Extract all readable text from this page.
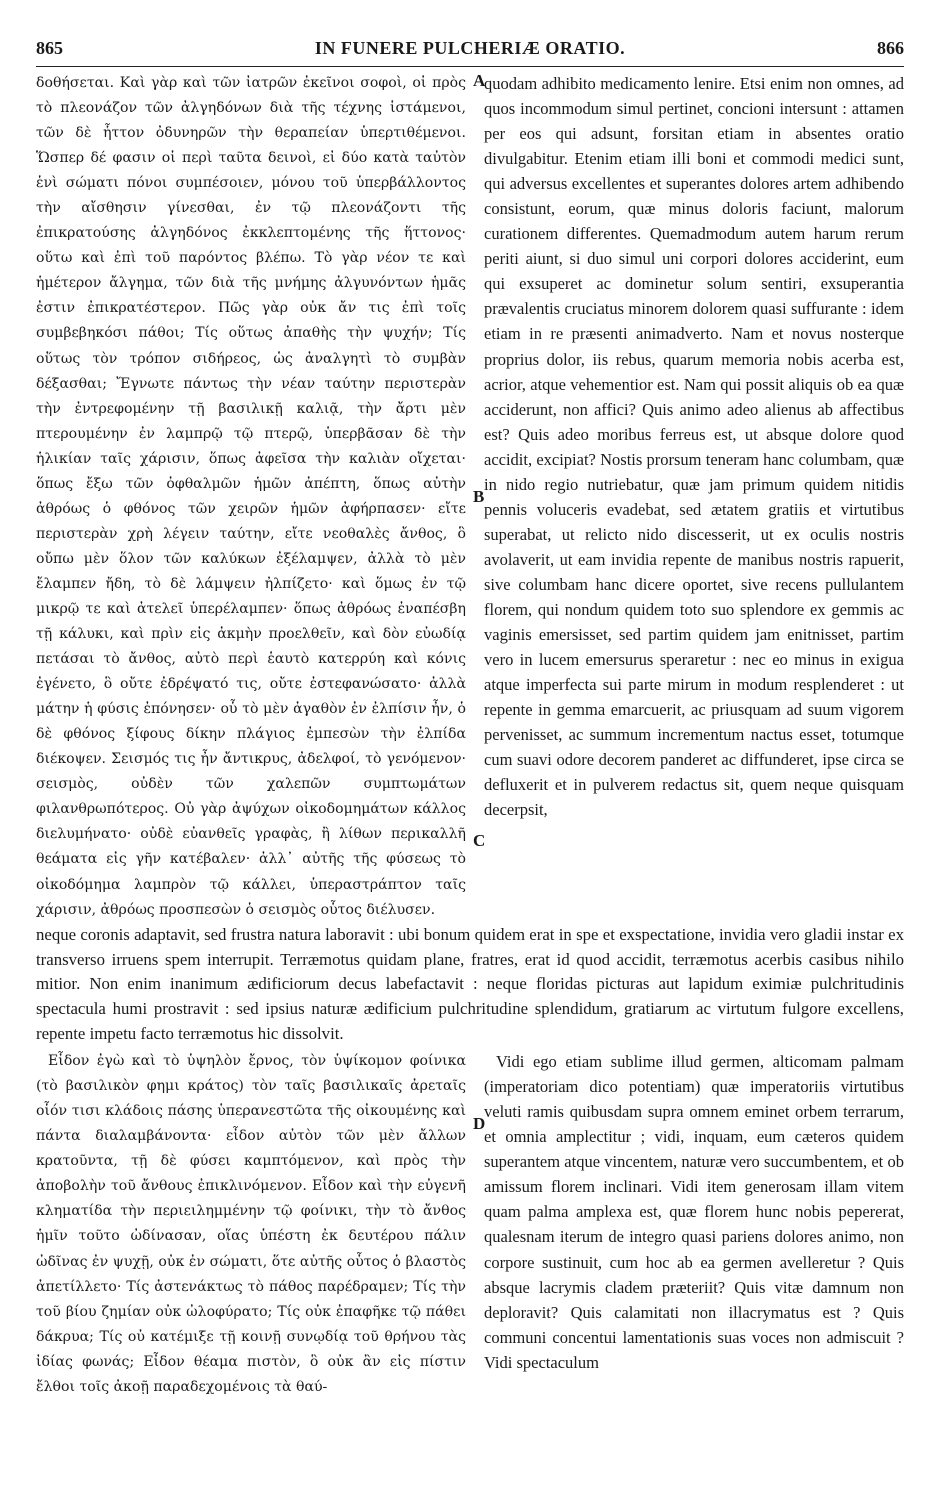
865	IN FUNERE PULCHERIÆ ORATIO.	866
A
B
C
D

δοθήσεται. Καὶ γὰρ καὶ τῶν ἰατρῶν ἐκεῖνοι σοφοὶ, οἱ πρὸς τὸ πλεονάζον τῶν ἀλγηδόνων διὰ τῆς τέχνης ἱστάμενοι, τῶν δὲ ἧττον ὀδυνηρῶν τὴν θεραπείαν ὑπερτιθέμενοι. Ὥσπερ δέ φασιν οἱ περὶ ταῦτα δεινοὶ, εἰ δύο κατὰ ταὐτὸν ἑνὶ σώματι πόνοι συμπέσοιεν, μόνου τοῦ ὑπερβάλλοντος τὴν αἴσθησιν γίνεσθαι, ἐν τῷ πλεονάζοντι τῆς ἐπικρατούσης ἀλγηδόνος ἐκκλεπτομένης τῆς ἥττονος· οὕτω καὶ ἐπὶ τοῦ παρόντος βλέπω. Τὸ γὰρ νέον τε καὶ ἡμέτερον ἄλγημα, τῶν διὰ τῆς μνήμης ἀλγυνόντων ἡμᾶς ἐστιν ἐπικρατέστερον. Πῶς γὰρ οὐκ ἄν τις ἐπὶ τοῖς συμβεβηκόσι πάθοι; Τίς οὕτως ἀπαθὴς τὴν ψυχήν; Τίς οὕτως τὸν τρόπον σιδήρεος, ὡς ἀναλγητὶ τὸ συμβὰν δέξασθαι; Ἔγνωτε πάντως τὴν νέαν ταύτην περιστερὰν τὴν ἐντρεφομένην τῇ βασιλικῇ καλιᾷ, τὴν ἄρτι μὲν πτερουμένην ἐν λαμπρῷ τῷ πτερῷ, ὑπερβᾶσαν δὲ τὴν ἡλικίαν ταῖς χάρισιν, ὅπως ἀφεῖσα τὴν καλιὰν οἴχεται· ὅπως ἔξω τῶν ὀφθαλμῶν ἡμῶν ἀπέπτη, ὅπως αὐτὴν ἀθρόως ὁ φθόνος τῶν χειρῶν ἡμῶν ἀφήρπασεν· εἴτε περιστερὰν χρὴ λέγειν ταύτην, εἴτε νεοθαλὲς ἄνθος, ὃ οὔπω μὲν ὅλον τῶν καλύκων ἐξέλαμψεν, ἀλλὰ τὸ μὲν ἔλαμπεν ἤδη, τὸ δὲ λάμψειν ἠλπίζετο· καὶ ὅμως ἐν τῷ μικρῷ τε καὶ ἀτελεῖ ὑπερέλαμπεν· ὅπως ἀθρόως ἐναπέσβη τῇ κάλυκι, καὶ πρὶν εἰς ἀκμὴν προελθεῖν, καὶ δὸν εὐωδίᾳ πετάσαι τὸ ἄνθος, αὐτὸ περὶ ἑαυτὸ κατερρύη καὶ κόνις ἐγένετο, ὃ οὔτε ἐδρέψατό τις, οὔτε ἐστεφανώσατο· ἀλλὰ μάτην ἡ φύσις ἐπόνησεν· οὗ τὸ μὲν ἀγαθὸν ἐν ἐλπίσιν ἦν, ὁ δὲ φθόνος ξίφους δίκην πλάγιος ἐμπεσὼν τὴν ἐλπίδα διέκοψεν. Σεισμός τις ἦν ἄντικρυς, ἀδελφοί, τὸ γενόμενον· σεισμὸς, οὐδὲν τῶν χαλεπῶν συμπτωμάτων φιλανθρωπότερος. Οὐ γὰρ ἀψύχων οἰκοδομημάτων κάλλος διελυμήνατο· οὐδὲ εὐανθεῖς γραφὰς, ἢ λίθων περικαλλῆ θεάματα εἰς γῆν κατέβαλεν· ἀλλ᾽ αὐτῆς τῆς φύσεως τὸ οἰκοδόμημα λαμπρὸν τῷ κάλλει, ὑπεραστράπτον ταῖς χάρισιν, ἀθρόως προσπεσὼν ὁ σεισμὸς οὗτος διέλυσεν.

quodam adhibito medicamento lenire. Etsi enim non omnes, ad quos incommodum simul pertinet, concioni intersunt : attamen per eos qui adsunt, forsitan etiam in absentes oratio divulgabitur. Etenim etiam illi boni et commodi medici sunt, qui adversus excellentes et superantes dolores artem adhibendo consistunt, eorum, quæ minus doloris faciunt, malorum curationem differentes. Quemadmodum autem harum rerum periti aiunt, si duo simul uni corpori dolores acciderint, eum qui exsuperet ac dominetur solum sentiri, exsuperantia prævalentis cruciatus minorem dolorem quasi suffurante : idem etiam in re præsenti animadverto. Nam et novus nosterque proprius dolor, iis rebus, quarum memoria nobis acerba est, acrior, atque vehementior est. Nam qui possit aliquis ob ea quæ acciderunt, non affici? Quis animo adeo alienus ab affectibus est? Quis adeo moribus ferreus est, ut absque dolore quod accidit, excipiat? Nostis prorsum teneram hanc columbam, quæ in nido regio nutriebatur, quæ jam primum quidem nitidis pennis voluceris evadebat, sed ætatem gratiis et virtutibus superabat, ut relicto nido discesserit, ut ex oculis nostris avolaverit, ut eam invidia repente de manibus nostris rapuerit, sive columbam hanc dicere oportet, sive recens pullulantem florem, qui nondum quidem toto suo splendore ex gemmis ac vaginis emersisset, sed partim quidem jam enitnisset, partim vero in lucem emersurus speraretur : nec eo minus in exigua atque imperfecta sui parte mirum in modum resplenderet : ut repente in gemma emarcuerit, ac priusquam ad suum vigorem pervenisset, ac summum incrementum nactus esset, totumque cum suavi odore decorem panderet ac diffunderet, ipse circa se defluxerit et in pulverem redactus sit, quem neque quisquam decerpsit,

neque coronis adaptavit, sed frustra natura laboravit : ubi bonum quidem erat in spe et exspectatione, invidia vero gladii instar ex transverso irruens spem interrupit. Terræmotus quidam plane, fratres, erat id quod accidit, terræmotus acerbis casibus nihilo mitior. Non enim inanimum ædificiorum decus labefactavit : neque floridas picturas aut lapidum eximiæ pulchritudinis spectacula humi prostravit : sed ipsius naturæ ædificium pulchritudine splendidum, gratiarum ac virtutum fulgore excellens, repente impetu facto terræmotus hic dissolvit.

Εἶδον ἐγὼ καὶ τὸ ὑψηλὸν ἔρνος, τὸν ὑψίκομον φοίνικα (τὸ βασιλικὸν φημι κράτος) τὸν ταῖς βασιλικαῖς ἀρεταῖς οἷόν τισι κλάδοις πάσης ὑπερανεστῶτα τῆς οἰκουμένης καὶ πάντα διαλαμβάνοντα· εἶδον αὐτὸν τῶν μὲν ἄλλων κρατοῦντα, τῇ δὲ φύσει καμπτόμενον, καὶ πρὸς τὴν ἀποβολὴν τοῦ ἄνθους ἐπικλινόμενον. Εἶδον καὶ τὴν εὐγενῆ κληματίδα τὴν περιειλημμένην τῷ φοίνικι, τὴν τὸ ἄνθος ἡμῖν τοῦτο ὠδίνασαν, οἵας ὑπέστη ἐκ δευτέρου πάλιν ὠδῖνας ἐν ψυχῇ, οὐκ ἐν σώματι, ὅτε αὐτῆς οὗτος ὁ βλαστὸς ἀπετίλλετο· Τίς ἀστενάκτως τὸ πάθος παρέδραμεν; Τίς τὴν τοῦ βίου ζημίαν οὐκ ὠλοφύρατο; Τίς οὐκ ἐπαφῆκε τῷ πάθει δάκρυα; Τίς οὐ κατέμιξε τῇ κοινῇ συνῳδίᾳ τοῦ θρήνου τὰς ἰδίας φωνάς; Εἶδον θέαμα πιστὸν, ὃ οὐκ ἂν εἰς πίστιν ἔλθοι τοῖς ἀκοῇ παραδεχομένοις τὰ θαύ-

Vidi ego etiam sublime illud germen, alticomam palmam (imperatoriam dico potentiam) quæ imperatoriis virtutibus veluti ramis quibusdam supra omnem eminet orbem terrarum, et omnia amplectitur ; vidi, inquam, eum cæteros quidem superantem atque vincentem, naturæ vero succumbentem, et ob amissum florem inclinari. Vidi item generosam illam vitem quam palma amplexa est, quæ florem hunc nobis pepererat, qualesnam iterum de integro quasi pariens dolores animo, non corpore sustinuit, cum hoc ab ea germen avelleretur ? Quis absque lacrymis cladem præteriit? Quis vitæ damnum non deploravit? Quis calamitati non illacrymatus est ? Quis communi concentui lamentationis suas voces non admiscuit ? Vidi spectaculum
